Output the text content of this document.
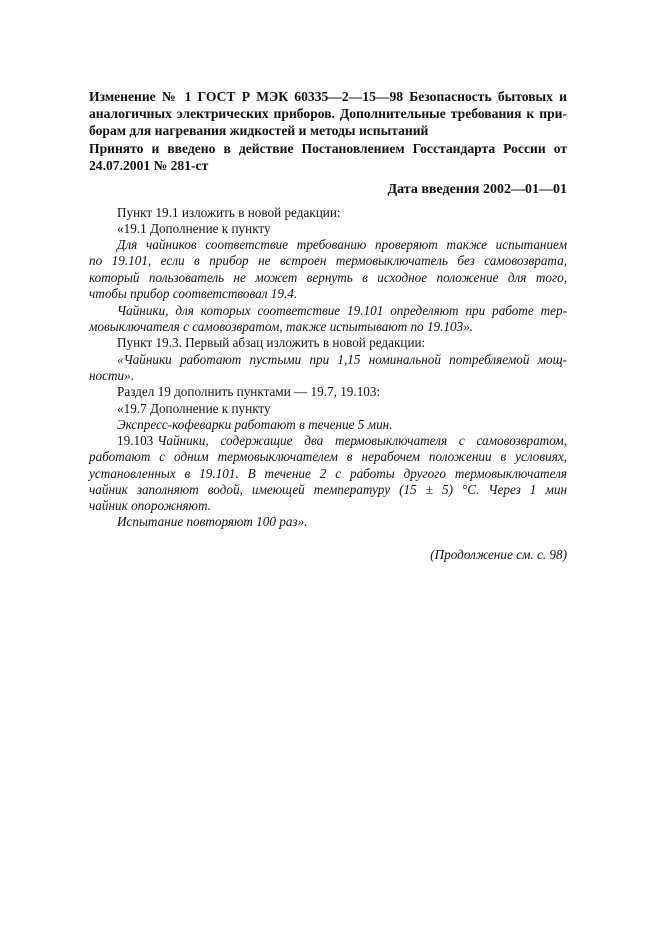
Изменение № 1 ГОСТ Р МЭК 60335—2—15—98 Безопасность бытовых и
аналогичных электрических приборов. Дополнительные требования к при-
борам для нагревания жидкостей и методы испытаний
Принято и введено в действие Постановлением Госстандарта России от
24.07.2001 № 281-ст
Дата введения 2002—01—01
Пункт 19.1 изложить в новой редакции:
«19.1 Дополнение к пункту
Для чайников соответствие требованию проверяют также испытанием
по 19.101, если в прибор не встроен термовыключатель без самовозврата,
который пользователь не может вернуть в исходное положение для того,
чтобы прибор соответствовал 19.4.
Чайники, для которых соответствие 19.101 определяют при работе тер-
мовыключателя с самовозвратом, также испытывают по 19.103».
Пункт 19.3. Первый абзац изложить в новой редакции:
«Чайники работают пустыми при 1,15 номинальной потребляемой мощ-
ности».
Раздел 19 дополнить пунктами — 19.7, 19.103:
«19.7 Дополнение к пункту
Экспресс-кофеварки работают в течение 5 мин.
19.103 Чайники, содержащие два термовыключателя с самовозвратом,
работают с одним термовыключателем в нерабочем положении в условиях,
установленных в 19.101. В течение 2 с работы другого термовыключателя
чайник заполняют водой, имеющей температуру (15 ± 5) °С. Через 1 мин
чайник опорожняют.
Испытание повторяют 100 раз».
(Продолжение см. с. 98)
